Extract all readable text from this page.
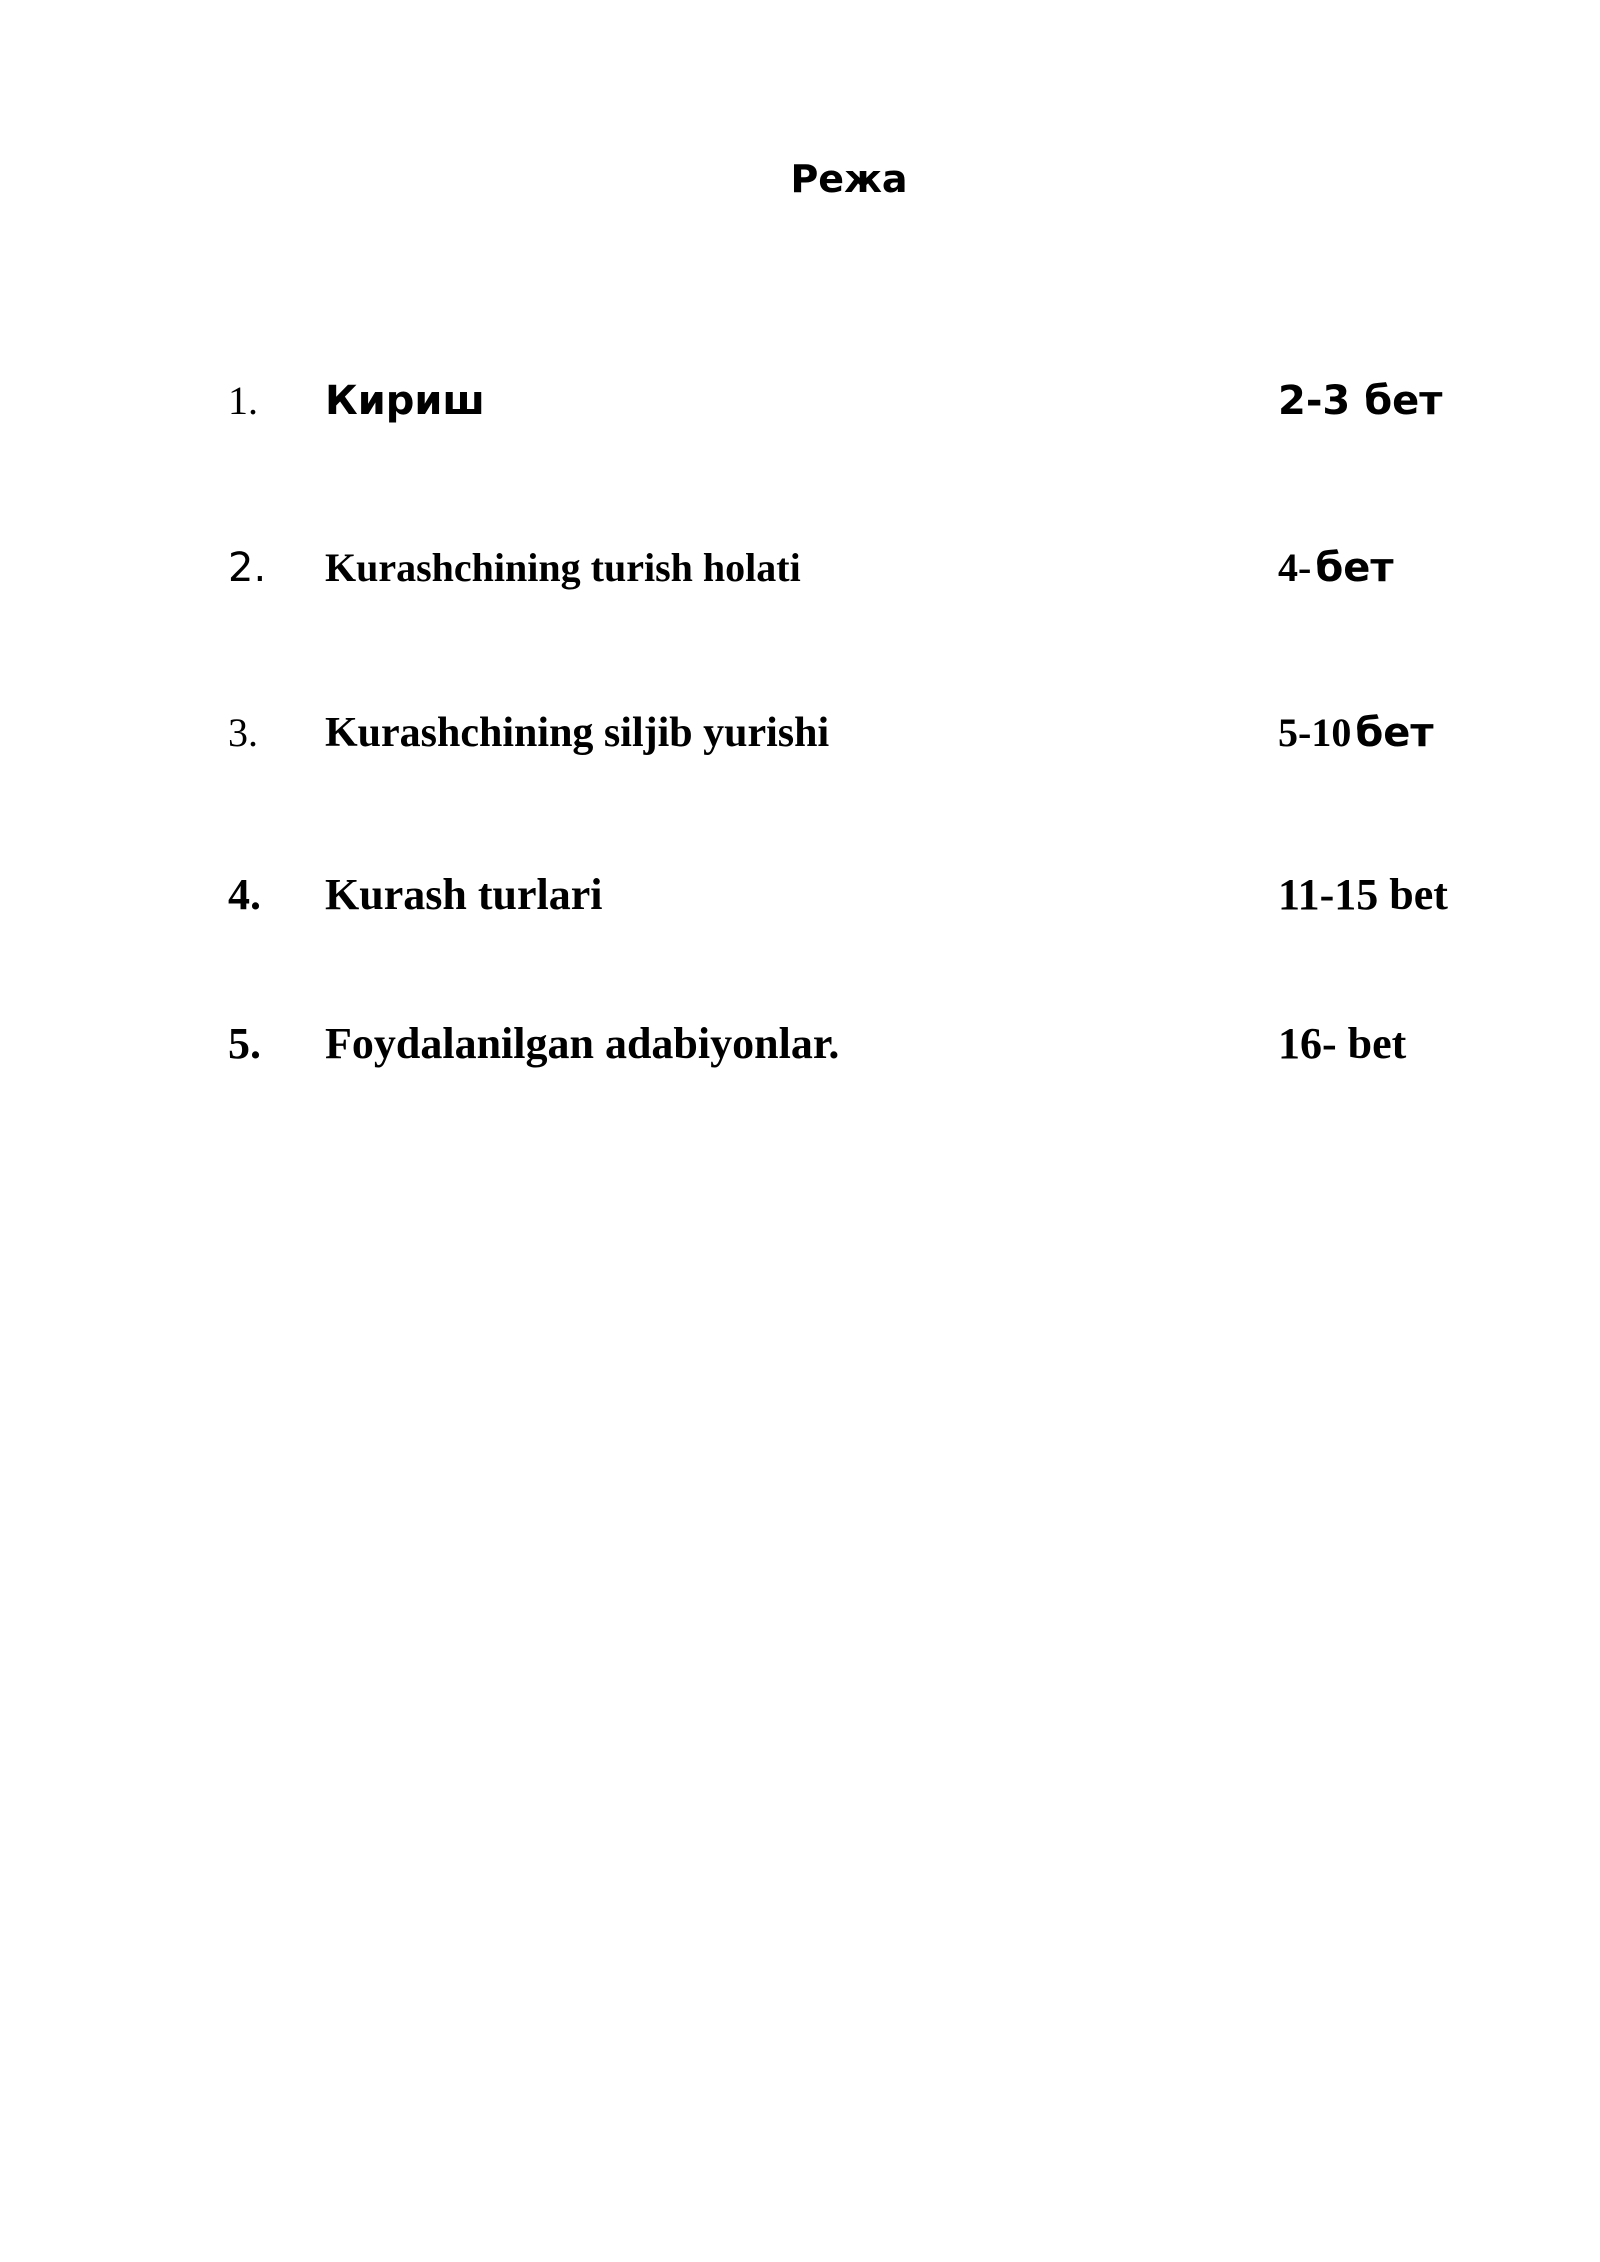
Режа
1. Кириш	2-3 бет
2. Kurashchining turish holati	4- бет
3. Kurashchining siljib yurishi	5-10 бет
4. Kurash turlari	11-15 bet
5. Foydalanilgan adabiyonlar.	16- bet
